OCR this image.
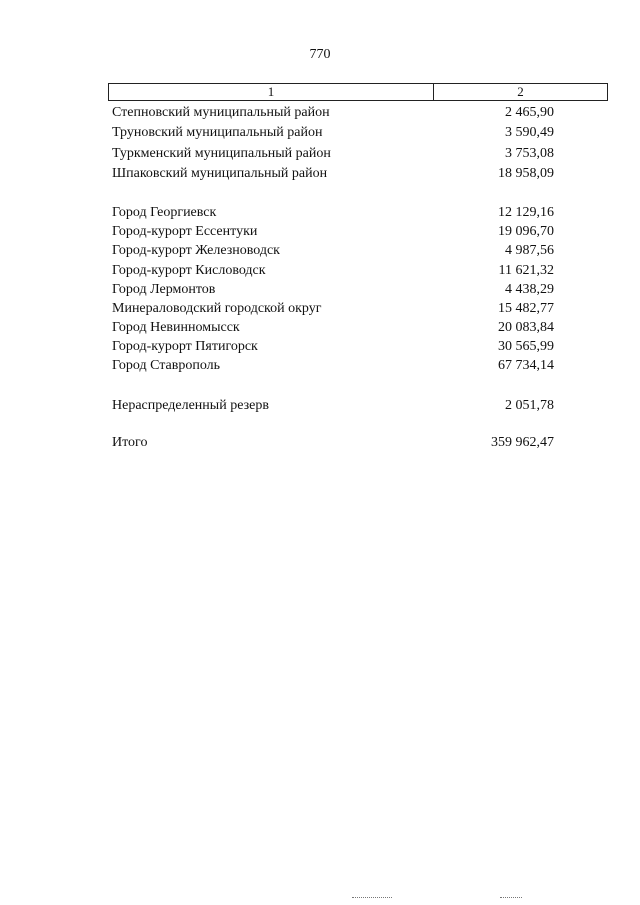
770
1	2
Степновский муниципальный район	2 465,90
Труновский муниципальный район	3 590,49
Туркменский муниципальный район	3 753,08
Шпаковский муниципальный район	18 958,09
Город Георгиевск	12 129,16
Город-курорт Ессентуки	19 096,70
Город-курорт Железноводск	4 987,56
Город-курорт Кисловодск	11 621,32
Город Лермонтов	4 438,29
Минераловодский городской округ	15 482,77
Город Невинномысск	20 083,84
Город-курорт Пятигорск	30 565,99
Город Ставрополь	67 734,14
Нераспределенный резерв	2 051,78
Итого	359 962,47
